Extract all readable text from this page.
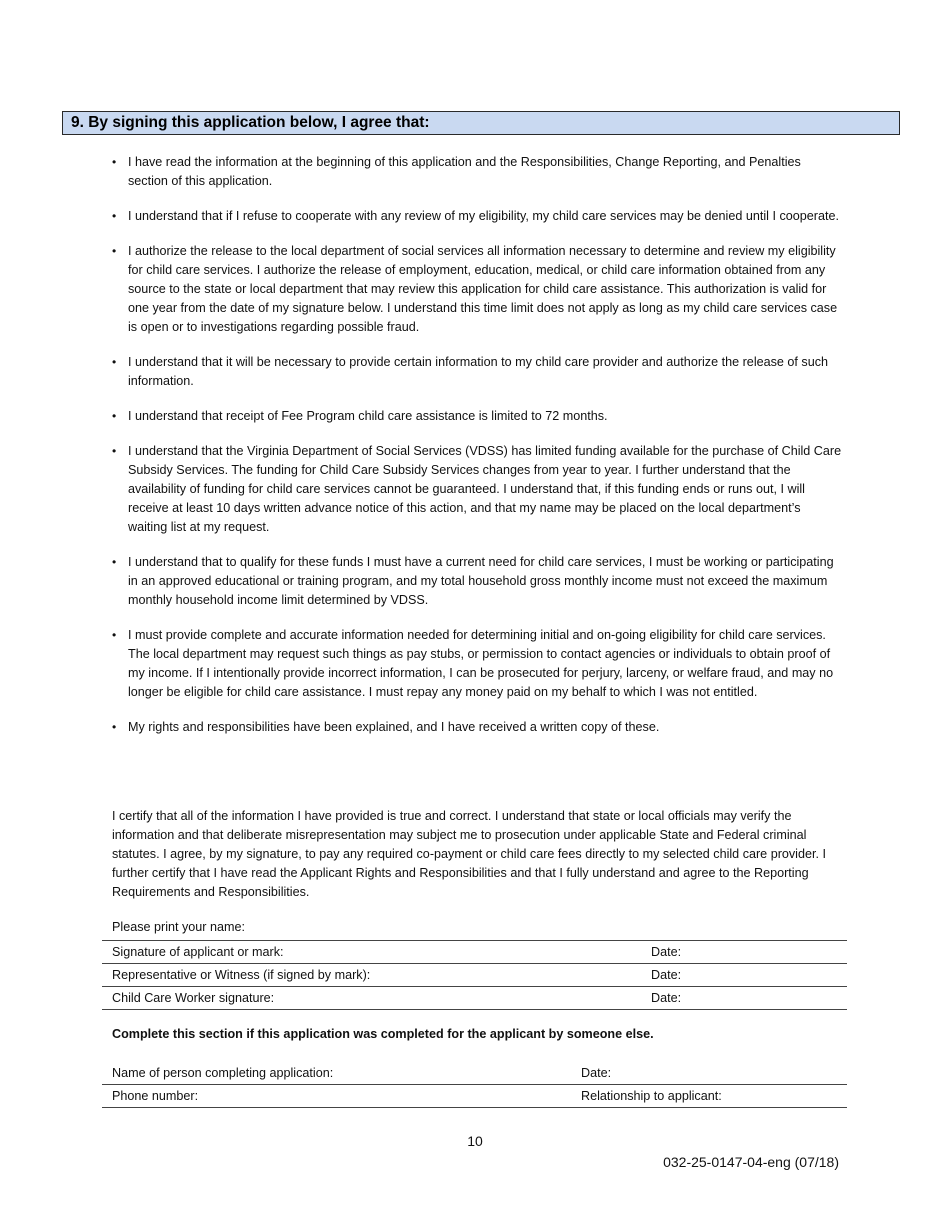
9. By signing this application below, I agree that:
• I have read the information at the beginning of this application and the Responsibilities, Change Reporting, and Penalties section of this application.
• I understand that if I refuse to cooperate with any review of my eligibility, my child care services may be denied until I cooperate.
• I authorize the release to the local department of social services all information necessary to determine and review my eligibility for child care services. I authorize the release of employment, education, medical, or child care information obtained from any source to the state or local department that may review this application for child care assistance. This authorization is valid for one year from the date of my signature below. I understand this time limit does not apply as long as my child care services case is open or to investigations regarding possible fraud.
• I understand that it will be necessary to provide certain information to my child care provider and authorize the release of such information.
• I understand that receipt of Fee Program child care assistance is limited to 72 months.
• I understand that the Virginia Department of Social Services (VDSS) has limited funding available for the purchase of Child Care Subsidy Services. The funding for Child Care Subsidy Services changes from year to year. I further understand that the availability of funding for child care services cannot be guaranteed. I understand that, if this funding ends or runs out, I will receive at least 10 days written advance notice of this action, and that my name may be placed on the local department’s waiting list at my request.
• I understand that to qualify for these funds I must have a current need for child care services, I must be working or participating in an approved educational or training program, and my total household gross monthly income must not exceed the maximum monthly household income limit determined by VDSS.
• I must provide complete and accurate information needed for determining initial and on-going eligibility for child care services. The local department may request such things as pay stubs, or permission to contact agencies or individuals to obtain proof of my income. If I intentionally provide incorrect information, I can be prosecuted for perjury, larceny, or welfare fraud, and may no longer be eligible for child care assistance. I must repay any money paid on my behalf to which I was not entitled.
• My rights and responsibilities have been explained, and I have received a written copy of these.

I certify that all of the information I have provided is true and correct. I understand that state or local officials may verify the information and that deliberate misrepresentation may subject me to prosecution under applicable State and Federal criminal statutes. I agree, by my signature, to pay any required co-payment or child care fees directly to my selected child care provider. I further certify that I have read the Applicant Rights and Responsibilities and that I fully understand and agree to the Reporting Requirements and Responsibilities.

Please print your name:
Signature of applicant or mark:	Date:
Representative or Witness (if signed by mark):	Date:
Child Care Worker signature:	Date:
Complete this section if this application was completed for the applicant by someone else.
Name of person completing application:	Date:
Phone number:	Relationship to applicant:
10
032-25-0147-04-eng (07/18)
